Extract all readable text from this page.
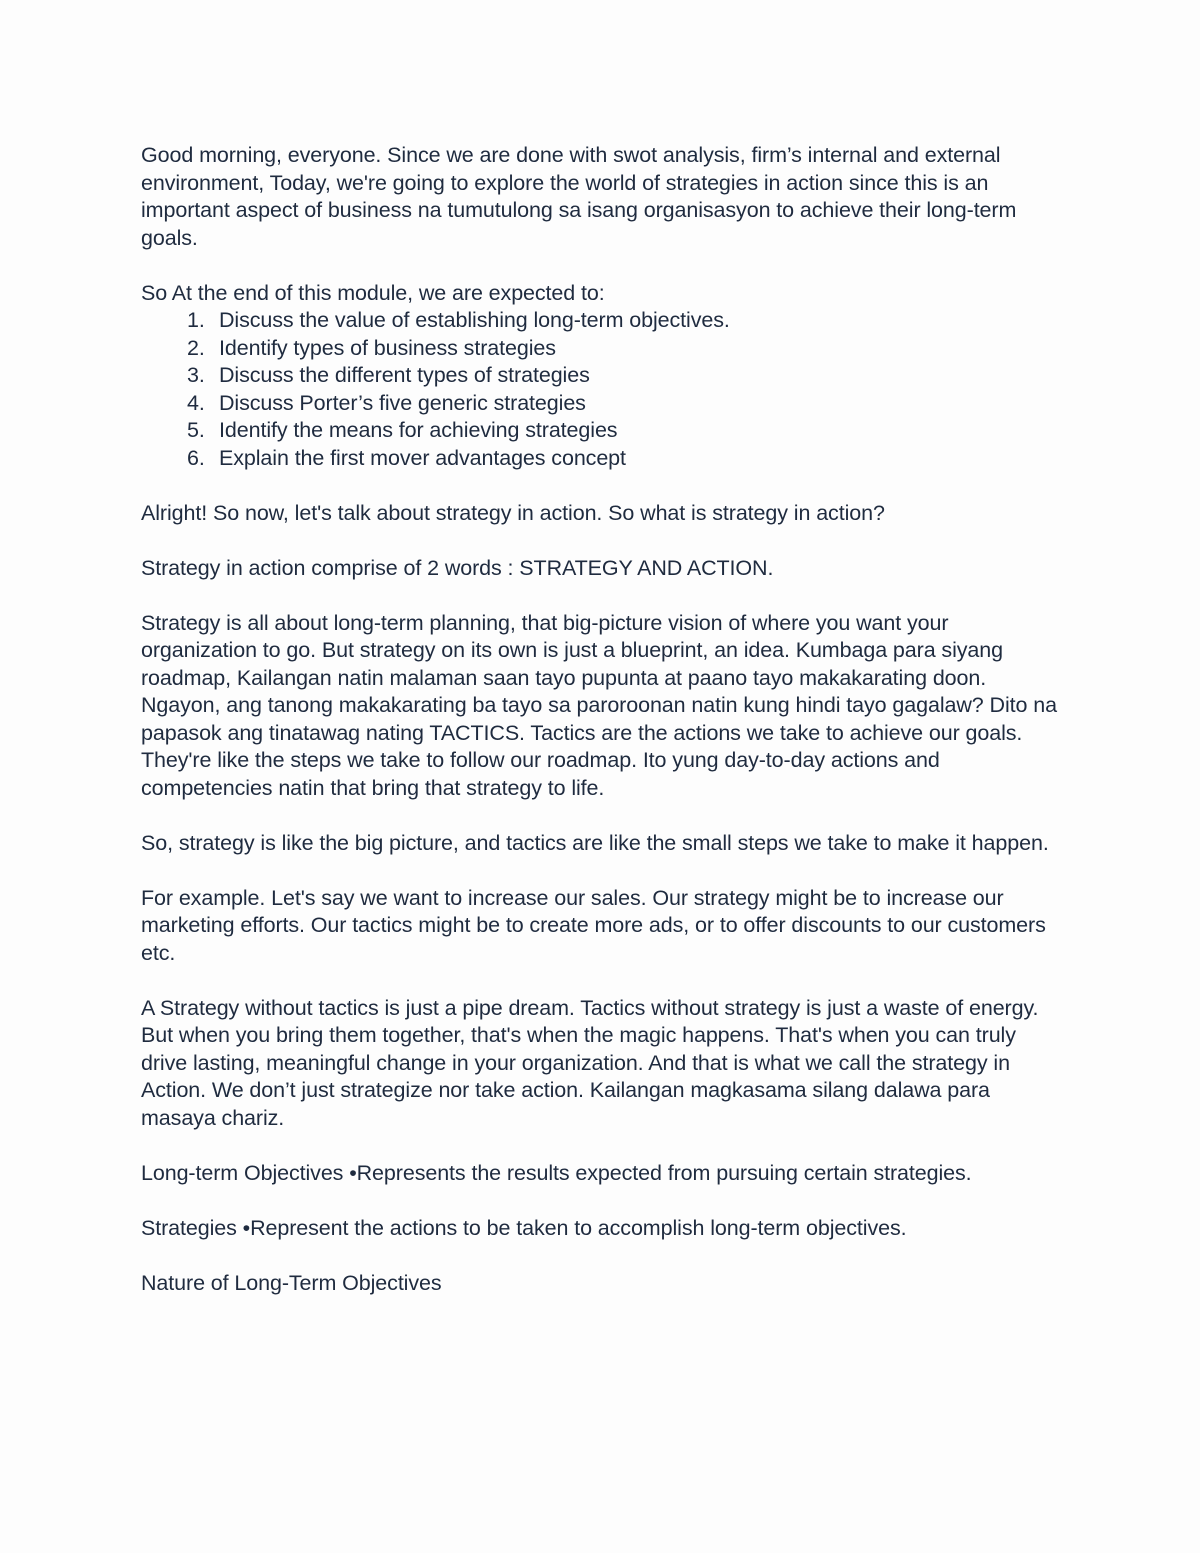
Good morning, everyone. Since we are done with swot analysis, firm’s internal and external environment, Today, we're going to explore the world of strategies in action since this is an important aspect of business na tumutulong sa isang organisasyon to achieve their long-term goals.

So At the end of this module, we are expected to:

1. Discuss the value of establishing long-term objectives.
2. Identify types of business strategies
3. Discuss the different types of strategies
4. Discuss Porter’s five generic strategies
5. Identify the means for achieving strategies
6. Explain the first mover advantages concept

Alright! So now, let's talk about strategy in action. So what is strategy in action?

Strategy in action comprise of 2 words : STRATEGY AND ACTION.

Strategy is all about long-term planning, that big-picture vision of where you want your organization to go. But strategy on its own is just a blueprint, an idea. Kumbaga para siyang roadmap, Kailangan natin malaman saan tayo pupunta at paano tayo makakarating doon. Ngayon, ang tanong makakarating ba tayo sa paroroonan natin kung hindi tayo gagalaw? Dito na papasok ang tinatawag nating TACTICS. Tactics are the actions we take to achieve our goals. They're like the steps we take to follow our roadmap. Ito yung day-to-day actions and competencies natin that bring that strategy to life.

So, strategy is like the big picture, and tactics are like the small steps we take to make it happen.

For example. Let's say we want to increase our sales. Our strategy might be to increase our marketing efforts. Our tactics might be to create more ads, or to offer discounts to our customers etc.

A Strategy without tactics is just a pipe dream. Tactics without strategy is just a waste of energy. But when you bring them together, that's when the magic happens. That's when you can truly drive lasting, meaningful change in your organization. And that is what we call the strategy in Action. We don’t just strategize nor take action. Kailangan magkasama silang dalawa para masaya chariz.

Long-term Objectives •Represents the results expected from pursuing certain strategies.

Strategies •Represent the actions to be taken to accomplish long-term objectives.

Nature of Long-Term Objectives
